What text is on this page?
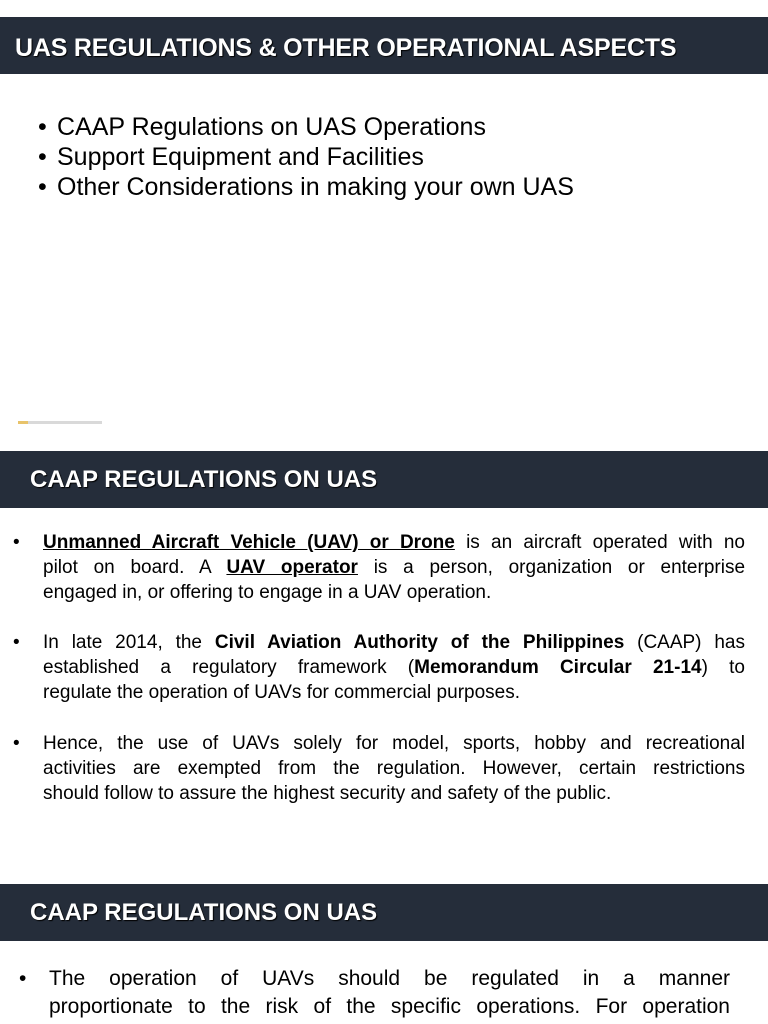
UAS REGULATIONS & OTHER OPERATIONAL ASPECTS
• CAAP Regulations on UAS Operations
• Support Equipment and Facilities
• Other Considerations in making your own UAS
CAAP REGULATIONS ON UAS
• Unmanned Aircraft Vehicle (UAV) or Drone is an aircraft operated with no
pilot on board. A UAV operator is a person, organization or enterprise
engaged in, or offering to engage in a UAV operation.
• In late 2014, the Civil Aviation Authority of the Philippines (CAAP) has
established a regulatory framework (Memorandum Circular 21-14) to
regulate the operation of UAVs for commercial purposes.
• Hence, the use of UAVs solely for model, sports, hobby and recreational
activities are exempted from the regulation. However, certain restrictions
should follow to assure the highest security and safety of the public.
CAAP REGULATIONS ON UAS
• The operation of UAVs should be regulated in a manner
proportionate to the risk of the specific operations. For operation
